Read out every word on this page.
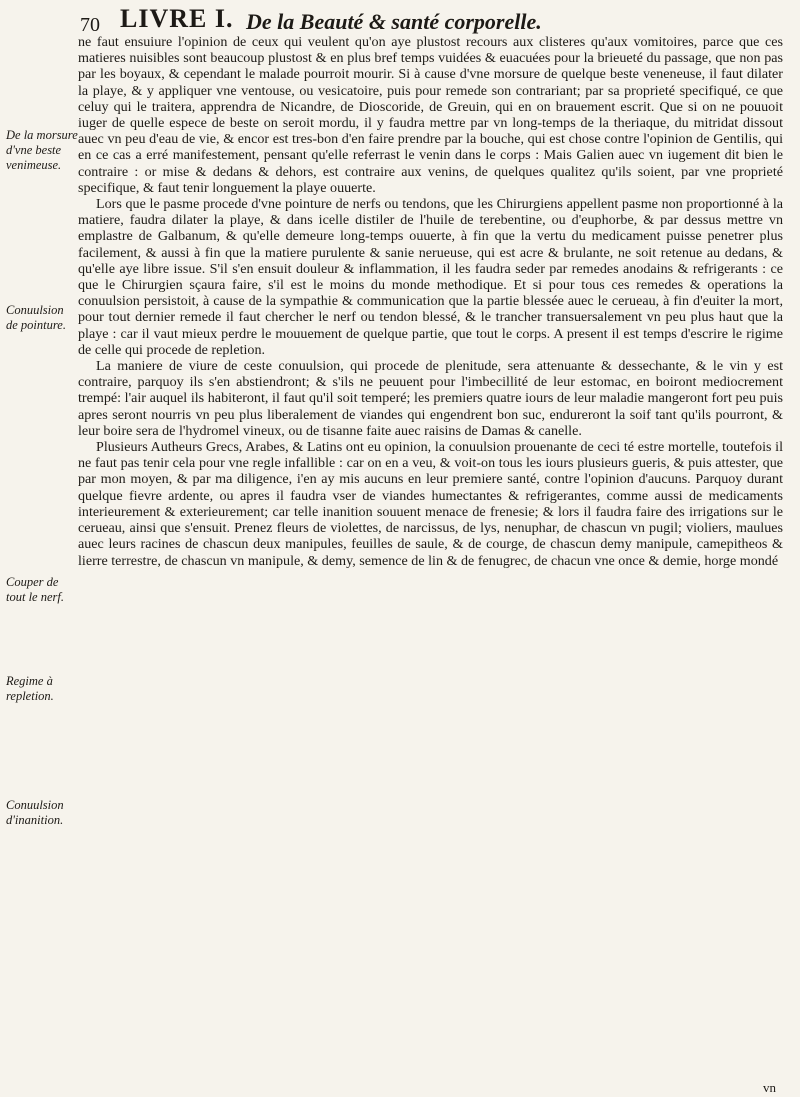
70 LIVRE I. De la Beauté & santé corporelle.
De la morsure d'vne beste venimeuse.
Conuulsion de pointure.
Couper de tout le nerf.
Regime à repletion.
Conuulsion d'inanition.

ne faut ensuiure l'opinion de ceux qui veulent qu'on aye plustost recours aux clisteres qu'aux vomitoires, parce que ces matieres nuisibles sont beaucoup plustost & en plus bref temps vuidées & euacuées pour la brieueté du passage, que non pas par les boyaux, & cependant le malade pourroit mourir. Si à cause d'vne morsure de quelque beste veneneuse, il faut dilater la playe, & y appliquer vne ventouse, ou vesicatoire, puis pour remede son contrariant; par sa proprieté specifiqué, ce que celuy qui le traitera, apprendra de Nicandre, de Dioscoride, de Greuin, qui en on brauement escrit. Que si on ne pouuoit iuger de quelle espece de beste on seroit mordu, il y faudra mettre par vn long-temps de la theriaque, du mitridat dissout auec vn peu d'eau de vie, & encor est tres-bon d'en faire prendre par la bouche, qui est chose contre l'opinion de Gentilis, qui en ce cas a erré manifestement, pensant qu'elle referrast le venin dans le corps : Mais Galien auec vn iugement dit bien le contraire : or mise & dedans & dehors, est contraire aux venins, de quelques qualitez qu'ils soient, par vne proprieté specifique, & faut tenir longuement la playe ouuerte.

Lors que le pasme procede d'vne pointure de nerfs ou tendons, que les Chirurgiens appellent pasme non proportionné à la matiere, faudra dilater la playe, & dans icelle distiler de l'huile de terebentine, ou d'euphorbe, & par dessus mettre vn emplastre de Galbanum, & qu'elle demeure long-temps ouuerte, à fin que la vertu du medicament puisse penetrer plus facilement, & aussi à fin que la matiere purulente & sanie nerueuse, qui est acre & brulante, ne soit retenue au dedans, & qu'elle aye libre issue. S'il s'en ensuit douleur & inflammation, il les faudra seder par remedes anodains & refrigerants : ce que le Chirurgien sçaura faire, s'il est le moins du monde methodique. Et si pour tous ces remedes & operations la conuulsion persistoit, à cause de la sympathie & communication que la partie blessée auec le cerueau, à fin d'euiter la mort, pour tout dernier remede il faut chercher le nerf ou tendon blessé, & le trancher transuersalement vn peu plus haut que la playe : car il vaut mieux perdre le mouuement de quelque partie, que tout le corps. A present il est temps d'escrire le rigime de celle qui procede de repletion.

La maniere de viure de ceste conuulsion, qui procede de plenitude, sera attenuante & dessechante, & le vin y est contraire, parquoy ils s'en abstiendront; & s'ils ne peuuent pour l'imbecillité de leur estomac, en boiront mediocrement trempé: l'air auquel ils habiteront, il faut qu'il soit temperé; les premiers quatre iours de leur maladie mangeront fort peu puis apres seront nourris vn peu plus liberalement de viandes qui engendrent bon suc, endureront la soif tant qu'ils pourront, & leur boire sera de l'hydromel vineux, ou de tisanne faite auec raisins de Damas & canelle.

Plusieurs Autheurs Grecs, Arabes, & Latins ont eu opinion, la conuulsion prouenante de ceci té estre mortelle, toutefois il ne faut pas tenir cela pour vne regle infallible : car on en a veu, & voit-on tous les iours plusieurs gueris, & puis attester, que par mon moyen, & par ma diligence, i'en ay mis aucuns en leur premiere santé, contre l'opinion d'aucuns. Parquoy durant quelque fievre ardente, ou apres il faudra vser de viandes humectantes & refrigerantes, comme aussi de medicaments interieurement & exterieurement; car telle inanition souuent menace de frenesie; & lors il faudra faire des irrigations sur le cerueau, ainsi que s'ensuit. Prenez fleurs de violettes, de narcissus, de lys, nenuphar, de chascun vn pugil; violiers, maulues auec leurs racines de chascun deux manipules, feuilles de saule, & de courge, de chascun demy manipule, camepitheos & lierre terrestre, de chascun vn manipule, & demy, semence de lin & de fenugrec, de chacun vne once & demie, horge mondé

vn
